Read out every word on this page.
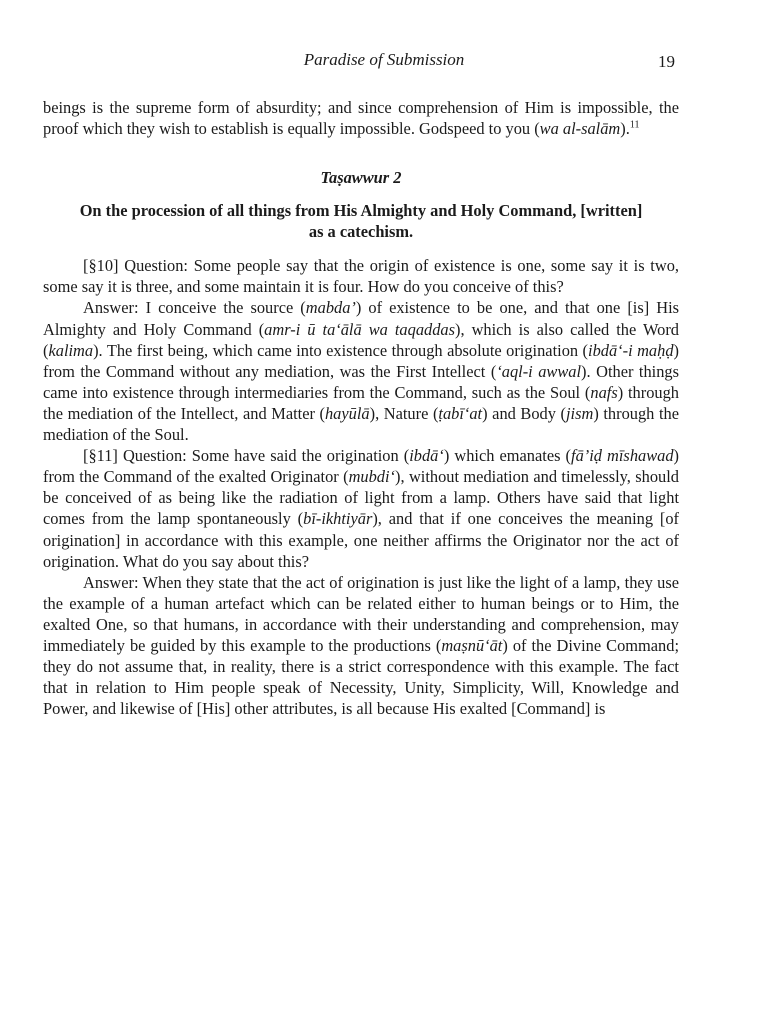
Paradise of Submission	19

beings is the supreme form of absurdity; and since comprehension of Him is impossible, the proof which they wish to establish is equally impossible. Godspeed to you (wa al-salām).$^{11}$

Taṣawwur 2
On the procession of all things from His Almighty and Holy Command, [written] as a catechism.

[§10] Question: Some people say that the origin of existence is one, some say it is two, some say it is three, and some maintain it is four. How do you conceive of this?

Answer: I conceive the source (mabda’) of existence to be one, and that one [is] His Almighty and Holy Command (amr-i ū ta‘ālā wa taqaddas), which is also called the Word (kalima). The first being, which came into existence through absolute origination (ibdā‘-i maḥḍ) from the Command without any mediation, was the First Intellect (‘aql-i awwal). Other things came into existence through intermediaries from the Command, such as the Soul (nafs) through the mediation of the Intellect, and Matter (hayūlā), Nature (ṭabī‘at) and Body (jism) through the mediation of the Soul.

[§11] Question: Some have said the origination (ibdā‘) which emanates (fā’iḍ mīshawad) from the Command of the exalted Originator (mubdi‘), without mediation and timelessly, should be conceived of as being like the radiation of light from a lamp. Others have said that light comes from the lamp spontaneously (bī-ikhtiyār), and that if one conceives the meaning [of origination] in accordance with this example, one neither affirms the Originator nor the act of origination. What do you say about this?

Answer: When they state that the act of origination is just like the light of a lamp, they use the example of a human artefact which can be related either to human beings or to Him, the exalted One, so that humans, in accordance with their understanding and comprehension, may immediately be guided by this example to the productions (maṣnū‘āt) of the Divine Command; they do not assume that, in reality, there is a strict correspondence with this example. The fact that in relation to Him people speak of Necessity, Unity, Simplicity, Will, Knowledge and Power, and likewise of [His] other attributes, is all because His exalted [Command] is
